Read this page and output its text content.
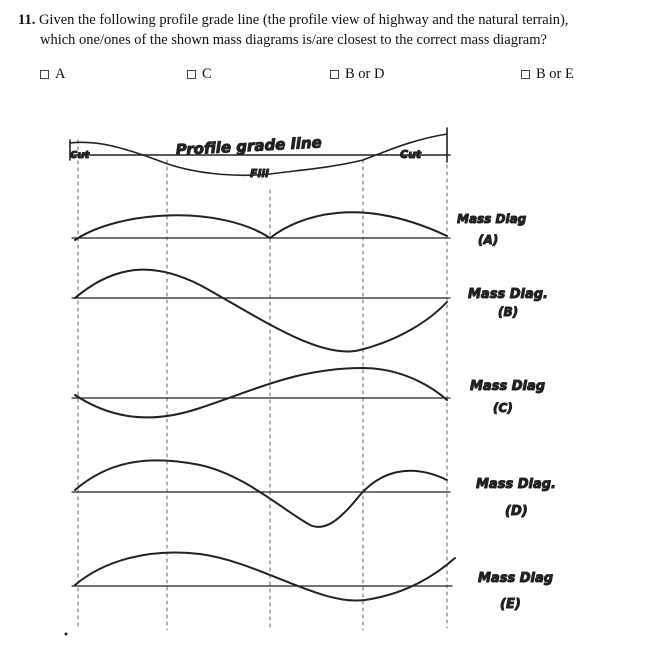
11. Given the following profile grade line (the profile view of highway and the natural terrain),
which one/ones of the shown mass diagrams is/are closest to the correct mass diagram?
A	C	B or D	B or E
Profile grade line
Cut
Fill
Cut
Mass Diag
(A)
Mass Diag.
(B)
Mass Diag
(C)
Mass Diag.
(D)
Mass Diag
(E)
